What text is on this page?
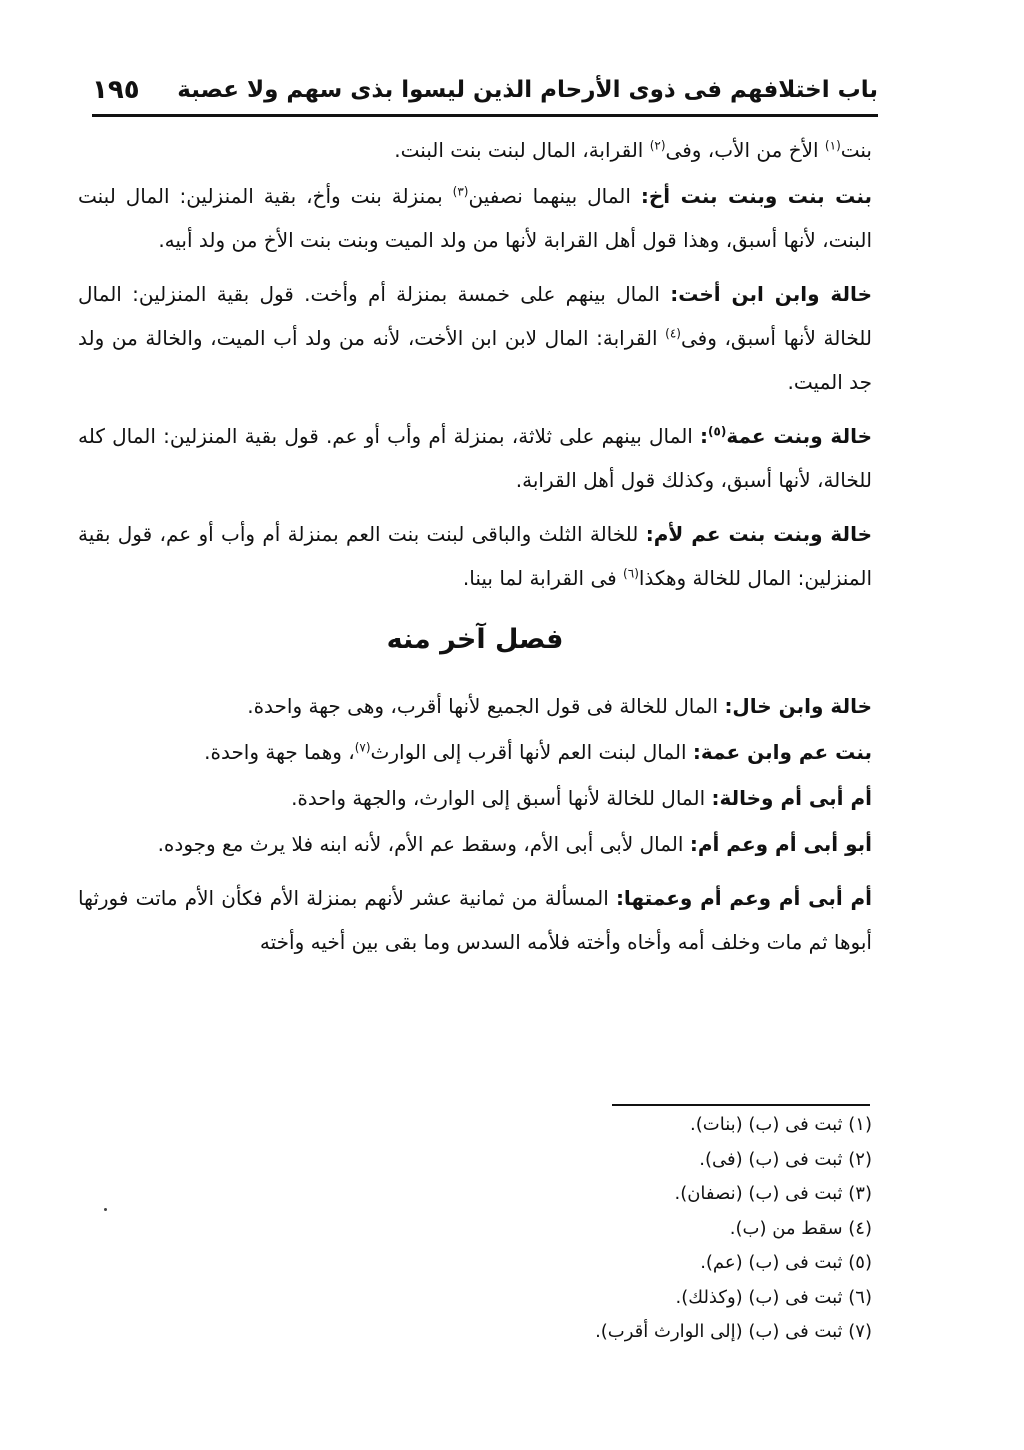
باب اختلافهم فى ذوى الأرحام الذين ليسوا بذى سهم ولا عصبة
١٩٥

بنت$^{(١)}$ الأخ من الأب، وفى$^{(٢)}$ القرابة، المال لبنت بنت البنت.

بنت بنت وبنت بنت أخ: المال بينهما نصفين$^{(٣)}$ بمنزلة بنت وأخ، بقية المنزلين: المال لبنت البنت، لأنها أسبق، وهذا قول أهل القرابة لأنها من ولد الميت وبنت بنت الأخ من ولد أبيه.

خالة وابن ابن أخت: المال بينهم على خمسة بمنزلة أم وأخت. قول بقية المنزلين: المال للخالة لأنها أسبق، وفى$^{(٤)}$ القرابة: المال لابن ابن الأخت، لأنه من ولد أب الميت، والخالة من ولد جد الميت.

خالة وبنت عمة$^{(٥)}$: المال بينهم على ثلاثة، بمنزلة أم وأب أو عم. قول بقية المنزلين: المال كله للخالة، لأنها أسبق، وكذلك قول أهل القرابة.

خالة وبنت بنت عم لأم: للخالة الثلث والباقى لبنت بنت العم بمنزلة أم وأب أو عم، قول بقية المنزلين: المال للخالة وهكذا$^{(٦)}$ فى القرابة لما بينا.

فصل آخر منه

خالة وابن خال: المال للخالة فى قول الجميع لأنها أقرب، وهى جهة واحدة.

بنت عم وابن عمة: المال لبنت العم لأنها أقرب إلى الوارث$^{(٧)}$، وهما جهة واحدة.

أم أبى أم وخالة: المال للخالة لأنها أسبق إلى الوارث، والجهة واحدة.

أبو أبى أم وعم أم: المال لأبى أبى الأم، وسقط عم الأم، لأنه ابنه فلا يرث مع وجوده.

أم أبى أم وعم أم وعمتها: المسألة من ثمانية عشر لأنهم بمنزلة الأم فكأن الأم ماتت فورثها أبوها ثم مات وخلف أمه وأخاه وأخته فلأمه السدس وما بقى بين أخيه وأخته

(١) ثبت فى (ب) (بنات).
(٢) ثبت فى (ب) (فى).
(٣) ثبت فى (ب) (نصفان).
(٤) سقط من (ب).
(٥) ثبت فى (ب) (عم).
(٦) ثبت فى (ب) (وكذلك).
(٧) ثبت فى (ب) (إلى الوارث أقرب).
